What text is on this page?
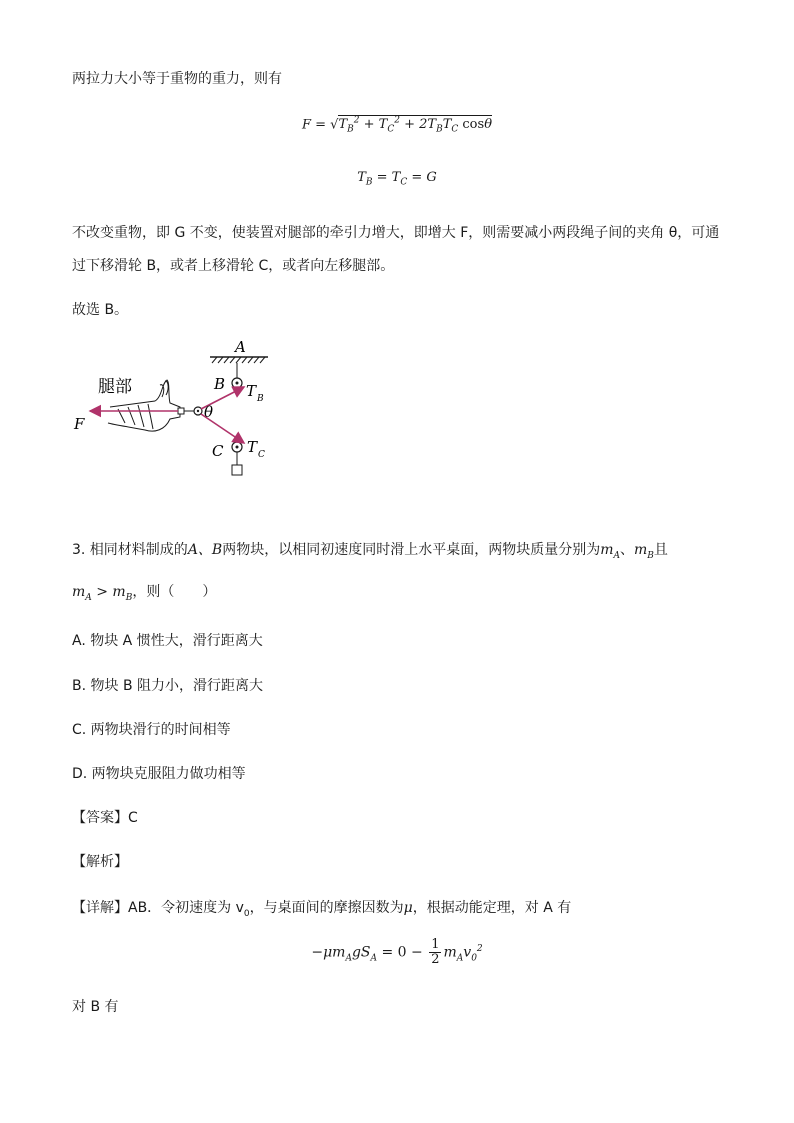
两拉力大小等于重物的重力，则有
$F = √T_B^2 + T_C^2 + 2T_BT_C$ cosθ
$T_B = T_C = G$
不改变重物，即 G 不变，使装置对腿部的牵引力增大，即增大 F，则需要减小两段绳子间的夹角 θ，可通
过下移滑轮 B，或者上移滑轮 C，或者向左移腿部。
故选 B。
A
B T B
C T C
θ
F
腿部
3. 相同材料制成的A、B两物块，以相同初速度同时滑上水平桌面，两物块质量分别为$m_A$、$m_B$且
$m_A > m_B$，则（　　）
A. 物块 A 惯性大，滑行距离大
B. 物块 B 阻力小，滑行距离大
C. 两物块滑行的时间相等
D. 两物块克服阻力做功相等
【答案】C
【解析】
【详解】AB．令初速度为 $v_0$，与桌面间的摩擦因数为μ，根据动能定理，对 A 有
$-\mu m_AgS_A = 0 - \frac{1}{2} m_Av_0^2$
对 B 有
